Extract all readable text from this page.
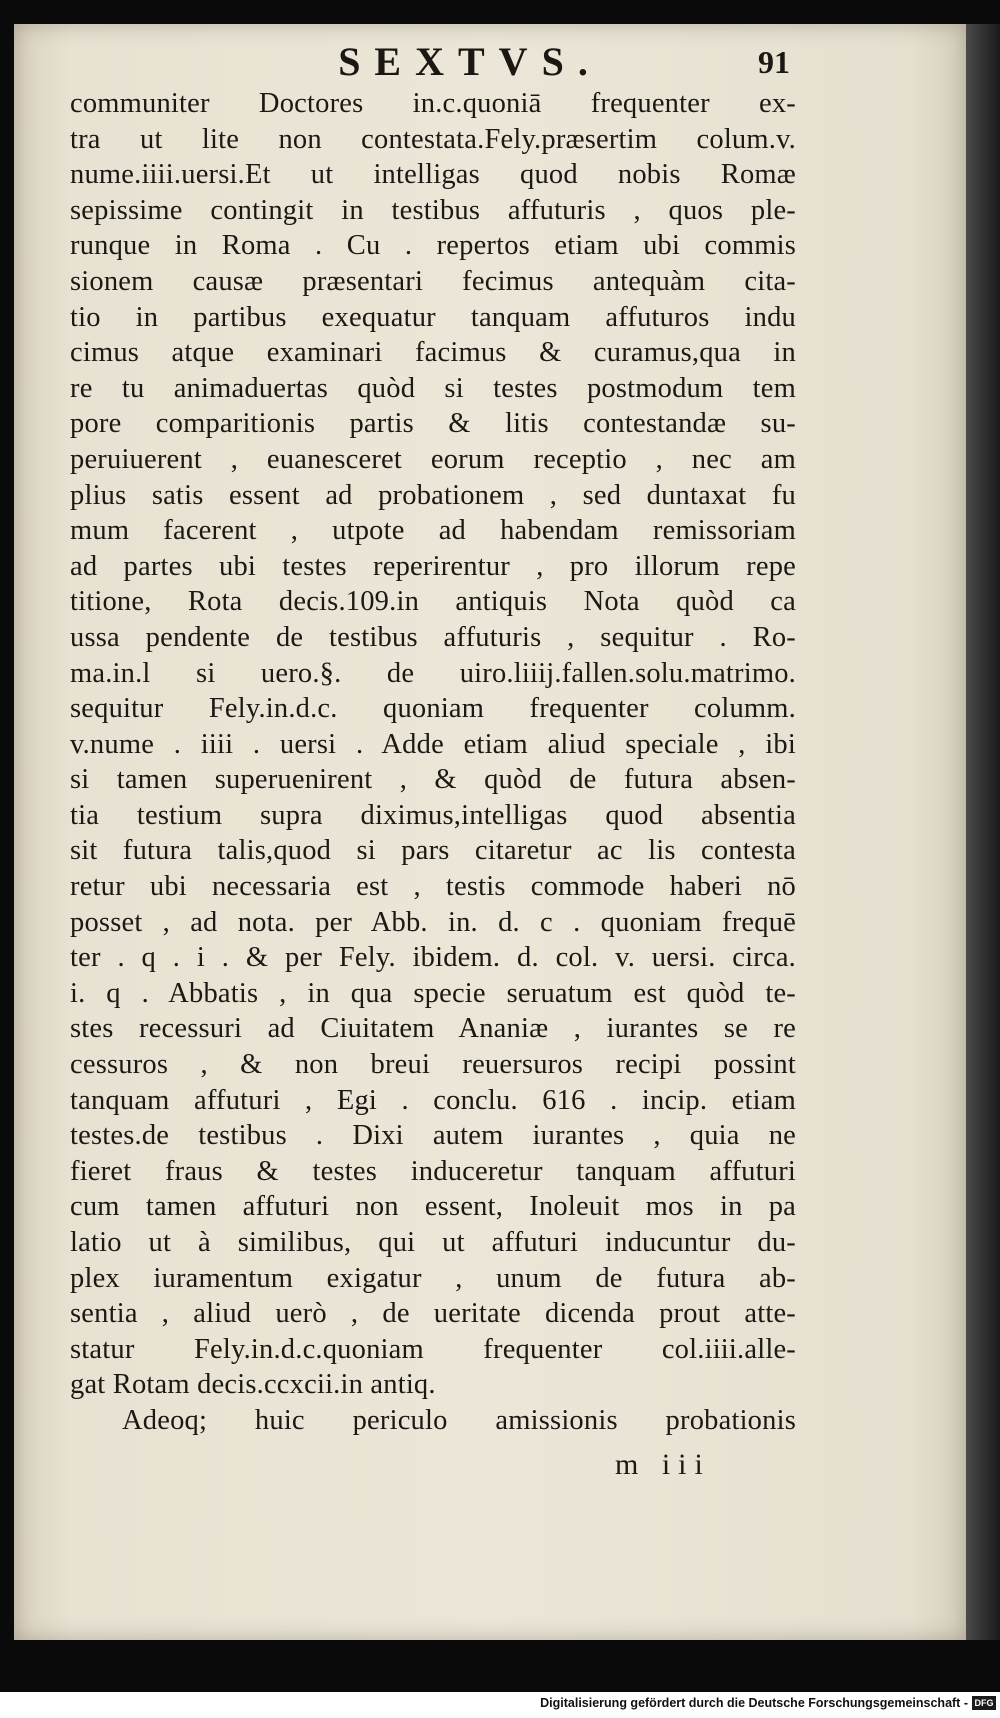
SEXTVS.	91
communiter Doctores in.c.quoniā frequenter ex-
tra ut lite non contestata.Fely.præsertim colum.v.
nume.iiii.uersi.Et ut intelligas quod nobis Romæ
sepissime contingit in testibus affuturis , quos ple-
runque in Roma . Cu . repertos etiam ubi commis
sionem causæ præsentari fecimus antequàm cita-
tio in partibus exequatur tanquam affuturos indu
cimus atque examinari facimus & curamus,qua in
re tu animaduertas quòd si testes postmodum tem
pore comparitionis partis & litis contestandæ su-
peruiuerent , euanesceret eorum receptio , nec am
plius satis essent ad probationem , sed duntaxat fu
mum facerent , utpote ad habendam remissoriam
ad partes ubi testes reperirentur , pro illorum repe
titione, Rota decis.109.in antiquis Nota quòd ca
ussa pendente de testibus affuturis , sequitur . Ro-
ma.in.l si uero.§. de uiro.liiij.fallen.solu.matrimo.
sequitur Fely.in.d.c. quoniam frequenter columm.
v.nume . iiii . uersi . Adde etiam aliud speciale , ibi
si tamen superuenirent , & quòd de futura absen-
tia testium supra diximus,intelligas quod absentia
sit futura talis,quod si pars citaretur ac lis contesta
retur ubi necessaria est , testis commode haberi nō
posset , ad nota. per Abb. in. d. c . quoniam frequē
ter . q . i . & per Fely. ibidem. d. col. v. uersi. circa.
i. q . Abbatis , in qua specie seruatum est quòd te-
stes recessuri ad Ciuitatem Ananiæ , iurantes se re
cessuros , & non breui reuersuros recipi possint
tanquam affuturi , Egi . conclu. 616 . incip. etiam
testes.de testibus . Dixi autem iurantes , quia ne
fieret fraus & testes induceretur tanquam affuturi
cum tamen affuturi non essent, Inoleuit mos in pa
latio ut à similibus, qui ut affuturi inducuntur du-
plex iuramentum exigatur , unum de futura ab-
sentia , aliud uerò , de ueritate dicenda prout atte-
statur Fely.in.d.c.quoniam frequenter col.iiii.alle-
gat Rotam decis.ccxcii.in antiq.
Adeoq; huic periculo amissionis probationis
m iii
Digitalisierung gefördert durch die Deutsche Forschungsgemeinschaft - DFG
